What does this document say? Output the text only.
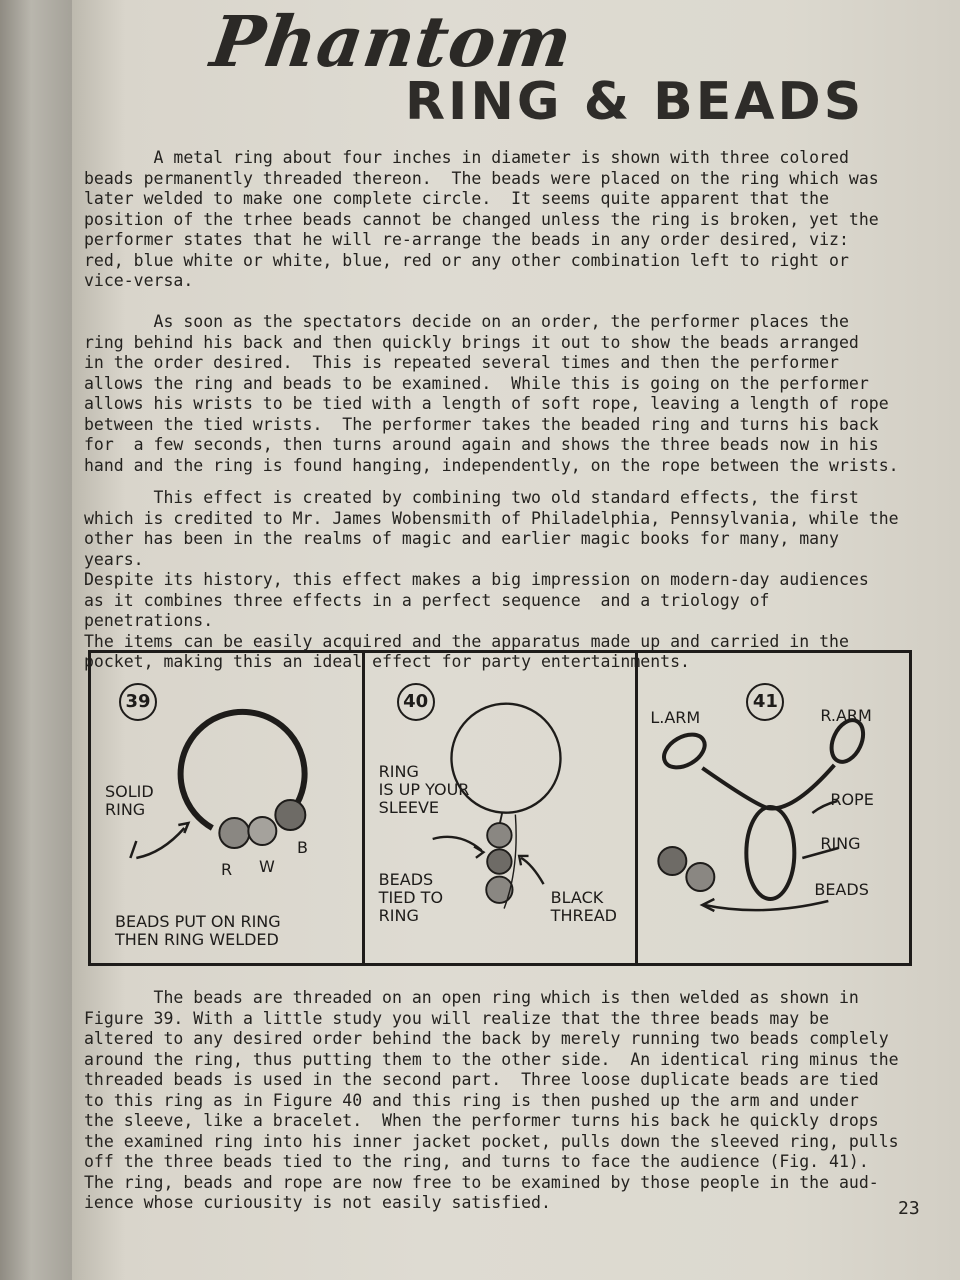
Phantom
RING & BEADS
A metal ring about four inches in diameter is shown with three colored
beads permanently threaded thereon.  The beads were placed on the ring which was
later welded to make one complete circle.  It seems quite apparent that the
position of the trhee beads cannot be changed unless the ring is broken, yet the
performer states that he will re-arrange the beads in any order desired, viz:
red, blue white or white, blue, red or any other combination left to right or
vice-versa.
As soon as the spectators decide on an order, the performer places the
ring behind his back and then quickly brings it out to show the beads arranged
in the order desired.  This is repeated several times and then the performer
allows the ring and beads to be examined.  While this is going on the performer
allows his wrists to be tied with a length of soft rope, leaving a length of rope
between the tied wrists.  The performer takes the beaded ring and turns his back
for  a few seconds, then turns around again and shows the three beads now in his
hand and the ring is found hanging, independently, on the rope between the wrists.
This effect is created by combining two old standard effects, the first
which is credited to Mr. James Wobensmith of Philadelphia, Pennsylvania, while the
other has been in the realms of magic and earlier magic books for many, many years.
Despite its history, this effect makes a big impression on modern-day audiences
as it combines three effects in a perfect sequence  and a triology of penetrations.
The items can be easily acquired and the apparatus made up and carried in the
pocket, making this an ideal effect for party entertainments.
39
SOLID
RING
R W
B
BEADS PUT ON RING
THEN RING WELDED
40
RING
IS UP YOUR
SLEEVE
BEADS
TIED TO
RING
BLACK
THREAD
41
L.ARM	R.ARM
ROPE
RING
BEADS
The beads are threaded on an open ring which is then welded as shown in
Figure 39. With a little study you will realize that the three beads may be
altered to any desired order behind the back by merely running two beads complely
around the ring, thus putting them to the other side.  An identical ring minus the
threaded beads is used in the second part.  Three loose duplicate beads are tied
to this ring as in Figure 40 and this ring is then pushed up the arm and under
the sleeve, like a bracelet.  When the performer turns his back he quickly drops
the examined ring into his inner jacket pocket, pulls down the sleeved ring, pulls
off the three beads tied to the ring, and turns to face the audience (Fig. 41).
The ring, beads and rope are now free to be examined by those people in the aud-
ience whose curiousity is not easily satisfied.	23
